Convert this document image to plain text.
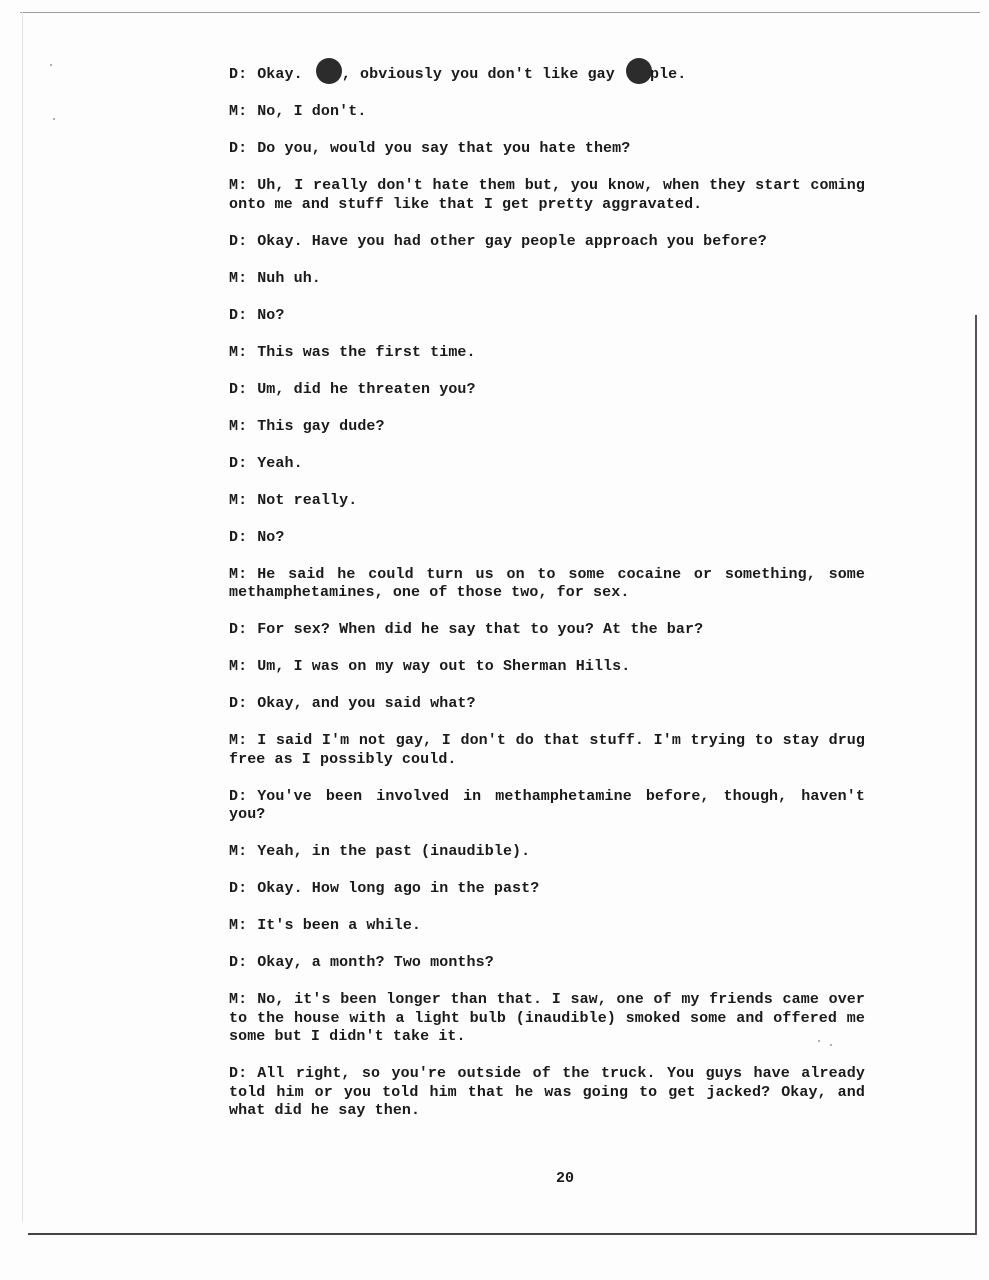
D: Okay.	, obviously you don't like gay ple.

M: No, I don't.

D: Do you, would you say that you hate them?

M: Uh, I really don't hate them but, you know, when they start coming onto me and stuff like that I get pretty aggravated.

D: Okay. Have you had other gay people approach you before?

M: Nuh uh.

D: No?

M: This was the first time.

D: Um, did he threaten you?

M: This gay dude?

D: Yeah.

M: Not really.

D: No?

M: He said he could turn us on to some cocaine or something, some methamphetamines, one of those two, for sex.

D: For sex? When did he say that to you? At the bar?

M: Um, I was on my way out to Sherman Hills.

D: Okay, and you said what?

M: I said I'm not gay, I don't do that stuff. I'm trying to stay drug free as I possibly could.

D: You've been involved in methamphetamine before, though, haven't you?

M: Yeah, in the past (inaudible).

D: Okay. How long ago in the past?

M: It's been a while.

D: Okay, a month? Two months?

M: No, it's been longer than that. I saw, one of my friends came over to the house with a light bulb (inaudible) smoked some and offered me some but I didn't take it.

D: All right, so you're outside of the truck. You guys have already told him or you told him that he was going to get jacked? Okay, and what did he say then.

20
